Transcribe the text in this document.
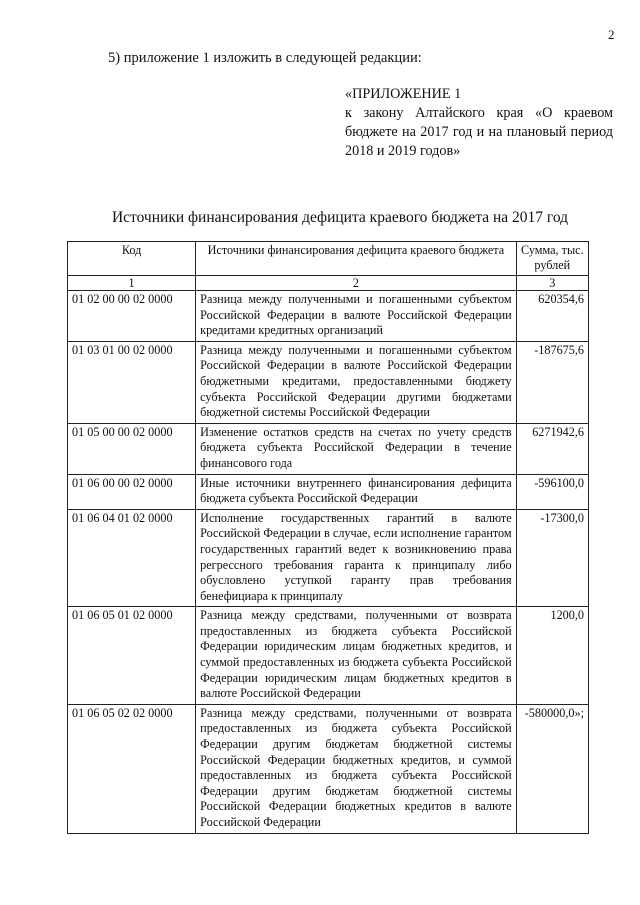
2
5) приложение 1 изложить в следующей редакции:
«ПРИЛОЖЕНИЕ 1
к закону Алтайского края «О краевом бюджете на 2017 год и на плановый период 2018 и 2019 годов»
Источники финансирования дефицита краевого бюджета на 2017 год
Код	Источники финансирования дефицита краевого бюджета	Сумма, тыс. рублей
1	2	3
01 02 00 00 02 0000	Разница между полученными и погашенными субъектом Российской Федерации в валюте Российской Федерации кредитами кредитных организаций	620354,6
01 03 01 00 02 0000	Разница между полученными и погашенными субъектом Российской Федерации в валюте Российской Федерации бюджетными кредитами, предоставленными бюджету субъекта Российской Федерации другими бюджетами бюджетной системы Российской Федерации	-187675,6
01 05 00 00 02 0000	Изменение остатков средств на счетах по учету средств бюджета субъекта Российской Федерации в течение финансового года	6271942,6
01 06 00 00 02 0000	Иные источники внутреннего финансирования дефицита бюджета субъекта Российской Федерации	-596100,0
01 06 04 01 02 0000	Исполнение государственных гарантий в валюте Российской Федерации в случае, если исполнение гарантом государственных гарантий ведет к возникновению права регрессного требования гаранта к принципалу либо обусловлено уступкой гаранту прав требования бенефициара к принципалу	-17300,0
01 06 05 01 02 0000	Разница между средствами, полученными от возврата предоставленных из бюджета субъекта Российской Федерации юридическим лицам бюджетных кредитов, и суммой предоставленных из бюджета субъекта Российской Федерации юридическим лицам бюджетных кредитов в валюте Российской Федерации	1200,0
01 06 05 02 02 0000	Разница между средствами, полученными от возврата предоставленных из бюджета субъекта Российской Федерации другим бюджетам бюджетной системы Российской Федерации бюджетных кредитов, и суммой предоставленных из бюджета субъекта Российской Федерации другим бюджетам бюджетной системы Российской Федерации бюджетных кредитов в валюте Российской Федерации	-580000,0»;
